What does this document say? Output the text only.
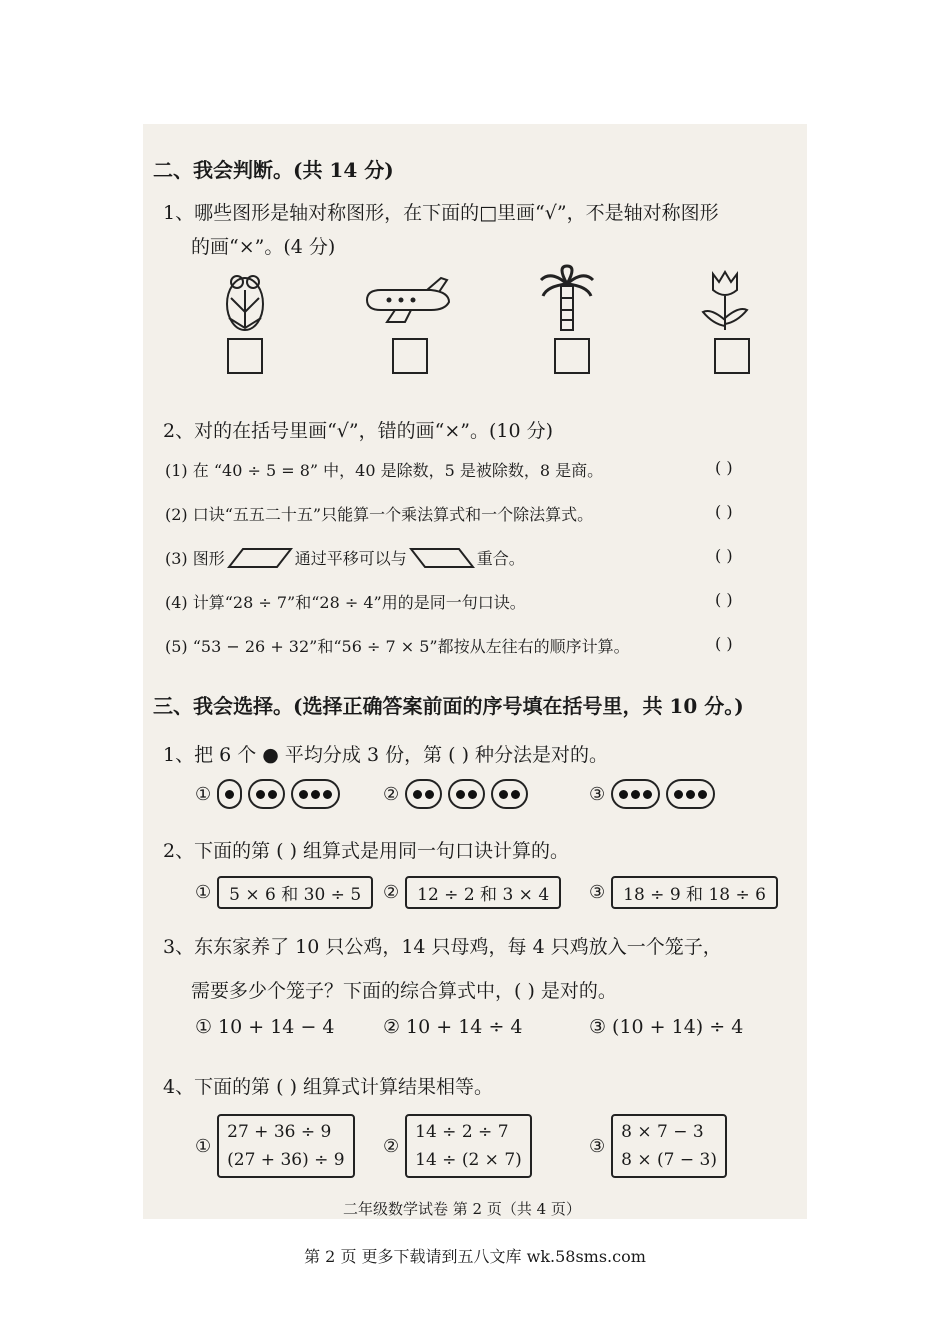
二、我会判断。(共 14 分)
1、哪些图形是轴对称图形，在下面的□里画“√”，不是轴对称图形
的画“×”。(4 分)
2、对的在括号里画“√”，错的画“×”。(10 分)
(1) 在 “40 ÷ 5 = 8” 中，40 是除数，5 是被除数，8 是商。	( )
(2) 口诀“五五二十五”只能算一个乘法算式和一个除法算式。	( )
(3) 图形	通过平移可以与	重合。	( )
(4) 计算“28 ÷ 7”和“28 ÷ 4”用的是同一句口诀。	( )
(5) “53 − 26 + 32”和“56 ÷ 7 × 5”都按从左往右的顺序计算。	( )
三、我会选择。(选择正确答案前面的序号填在括号里，共 10 分。)
1、把 6 个 ● 平均分成 3 份，第 ( ) 种分法是对的。
①	②	③
2、下面的第 ( ) 组算式是用同一句口诀计算的。
①	5 × 6 和 30 ÷ 5	②	12 ÷ 2 和 3 × 4	③	18 ÷ 9 和 18 ÷ 6
3、东东家养了 10 只公鸡，14 只母鸡，每 4 只鸡放入一个笼子，
需要多少个笼子？下面的综合算式中，( ) 是对的。
① 10 + 14 − 4	② 10 + 14 ÷ 4	③ (10 + 14) ÷ 4
4、下面的第 ( ) 组算式计算结果相等。
①
27 + 36 ÷ 9
(27 + 36) ÷ 9
②
14 ÷ 2 ÷ 7
14 ÷ (2 × 7)
③
8 × 7 − 3
8 × (7 − 3)
二年级数学试卷 第 2 页（共 4 页）
第 2 页 更多下载请到五八文库 wk.58sms.com
